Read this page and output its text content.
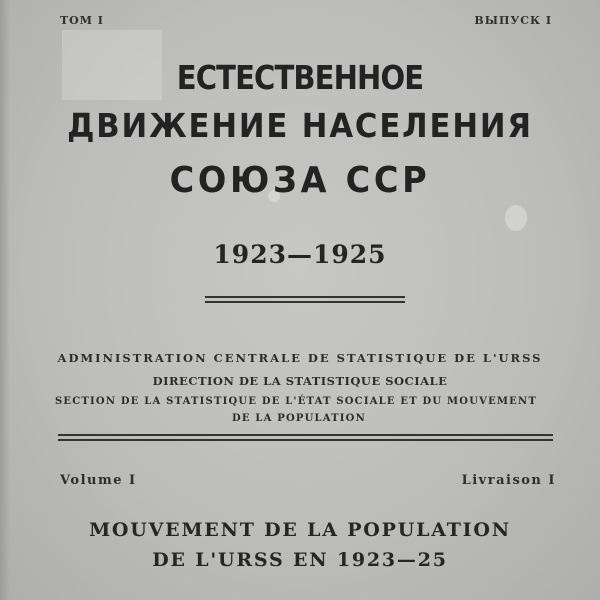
ТОМ I	ВЫПУСК I
ЕСТЕСТВЕННОЕ
ДВИЖЕНИЕ НАСЕЛЕНИЯ
СОЮЗА ССР
1923—1925
ADMINISTRATION CENTRALE DE STATISTIQUE DE L'URSS
DIRECTION DE LA STATISTIQUE SOCIALE
SECTION DE LA STATISTIQUE DE L'ÉTAT SOCIALE ET DU MOUVEMENT
DE LA POPULATION
Volume I	Livraison I
MOUVEMENT DE LA POPULATION
DE L'URSS EN 1923—25
